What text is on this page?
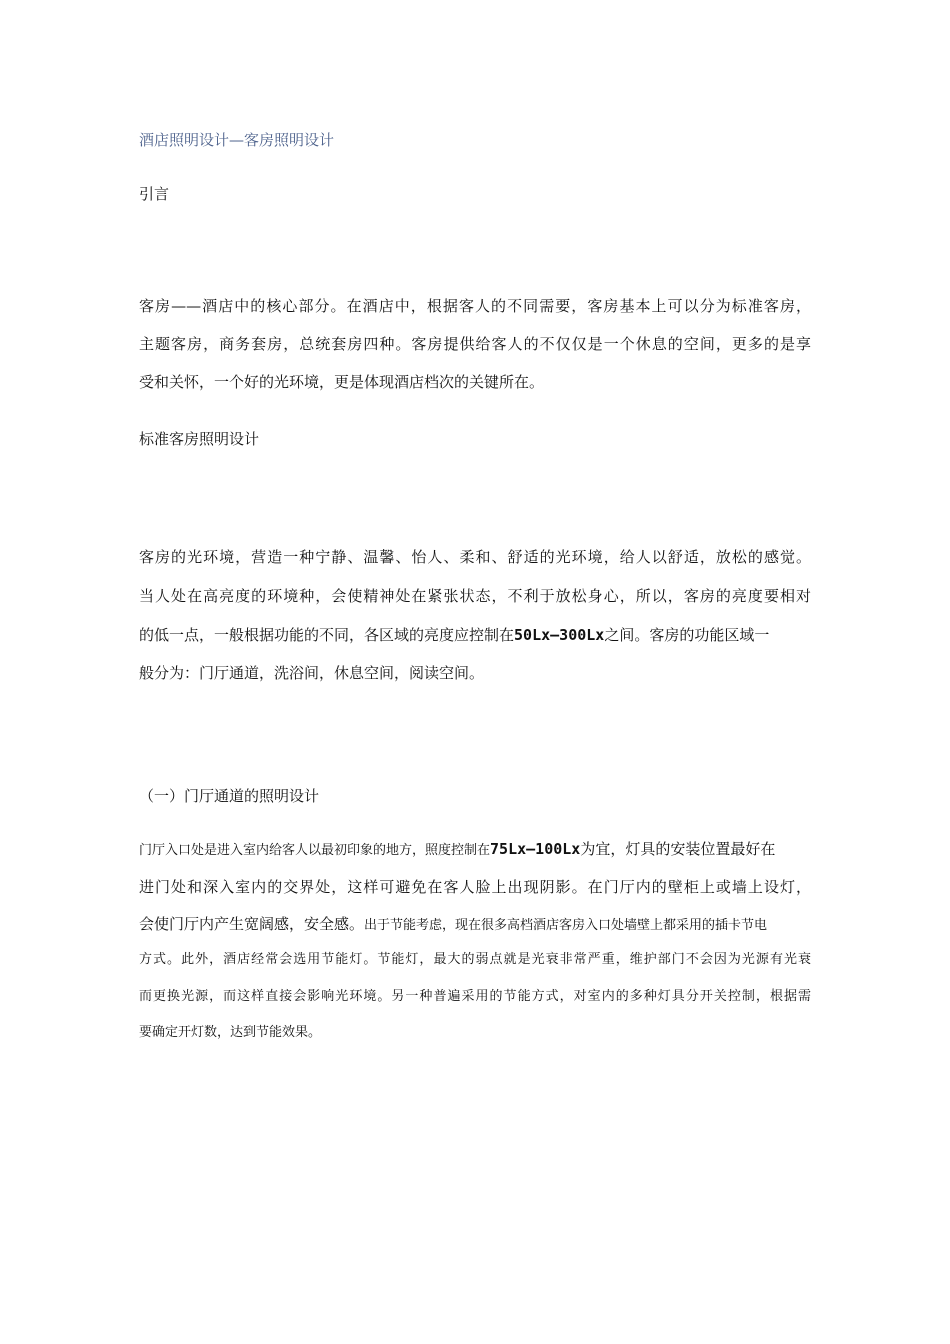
酒店照明设计—客房照明设计
引言
客房——酒店中的核心部分。在酒店中，根据客人的不同需要，客房基本上可以分为标准客房，
主题客房，商务套房，总统套房四种。客房提供给客人的不仅仅是一个休息的空间，更多的是享
受和关怀，一个好的光环境，更是体现酒店档次的关键所在。
标准客房照明设计
客房的光环境，营造一种宁静、温馨、怡人、柔和、舒适的光环境，给人以舒适，放松的感觉。
当人处在高亮度的环境种，会使精神处在紧张状态，不利于放松身心，所以，客房的亮度要相对
的低一点，一般根据功能的不同，各区域的亮度应控制在50Lx—300Lx之间。客房的功能区域一
般分为：门厅通道，洗浴间，休息空间，阅读空间。
（一）门厅通道的照明设计
门厅入口处是进入室内给客人以最初印象的地方，照度控制在75Lx—100Lx为宜，灯具的安装位置最好在
进门处和深入室内的交界处，这样可避免在客人脸上出现阴影。在门厅内的壁柜上或墙上设灯，
会使门厅内产生宽阔感，安全感。出于节能考虑，现在很多高档酒店客房入口处墙壁上都采用的插卡节电
方式。此外，酒店经常会选用节能灯。节能灯，最大的弱点就是光衰非常严重，维护部门不会因为光源有光衰
而更换光源，而这样直接会影响光环境。另一种普遍采用的节能方式，对室内的多种灯具分开关控制，根据需
要确定开灯数，达到节能效果。
